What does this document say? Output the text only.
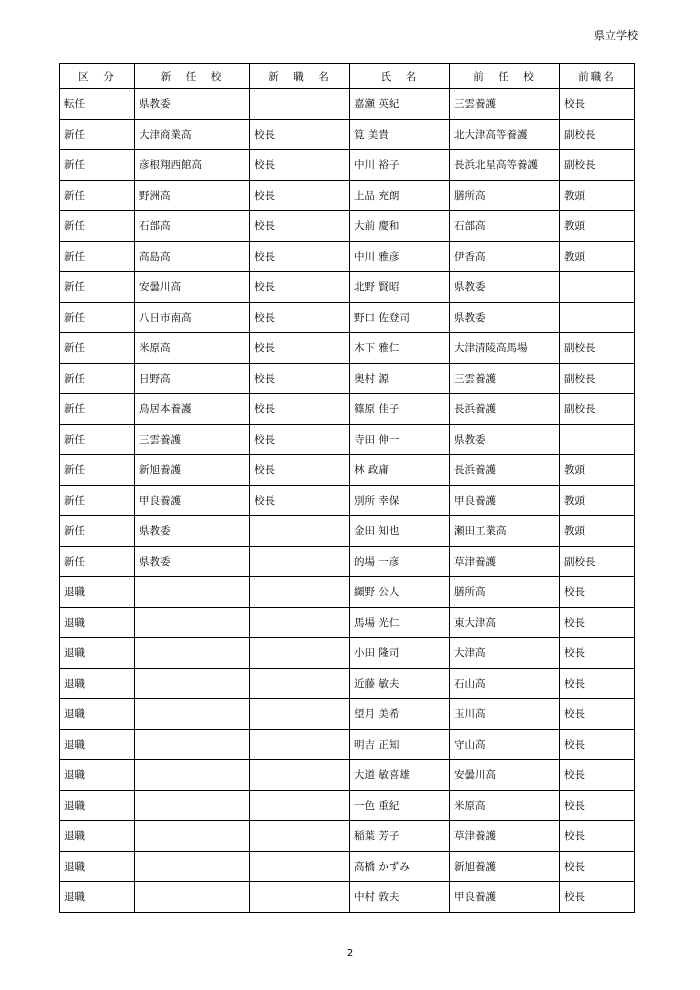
県立学校
区　分	新　任　校	新　職　名	氏　名	前　任　校	前職名
転任	県教委		嘉瀬 英紀	三雲養護	校長
新任	大津商業高	校長	筧 美貴	北大津高等養護	副校長
新任	彦根翔西館高	校長	中川 裕子	長浜北星高等養護	副校長
新任	野洲高	校長	上品 充朗	膳所高	教頭
新任	石部高	校長	大前 慶和	石部高	教頭
新任	高島高	校長	中川 雅彦	伊香高	教頭
新任	安曇川高	校長	北野 賢昭	県教委	
新任	八日市南高	校長	野口 佐登司	県教委	
新任	米原高	校長	木下 雅仁	大津清陵高馬場	副校長
新任	日野高	校長	奥村 源	三雲養護	副校長
新任	鳥居本養護	校長	篠原 佳子	長浜養護	副校長
新任	三雲養護	校長	寺田 伸一	県教委	
新任	新旭養護	校長	林 政庸	長浜養護	教頭
新任	甲良養護	校長	別所 幸保	甲良養護	教頭
新任	県教委		金田 知也	瀬田工業高	教頭
新任	県教委		的場 一彦	草津養護	副校長
退職			纐野 公人	膳所高	校長
退職			馬場 光仁	東大津高	校長
退職			小田 隆司	大津高	校長
退職			近藤 敏夫	石山高	校長
退職			望月 美希	玉川高	校長
退職			明吉 正知	守山高	校長
退職			大道 敏喜雄	安曇川高	校長
退職			一色 重紀	米原高	校長
退職			稲葉 芳子	草津養護	校長
退職			高橋 かずみ	新旭養護	校長
退職			中村 敦夫	甲良養護	校長
2
